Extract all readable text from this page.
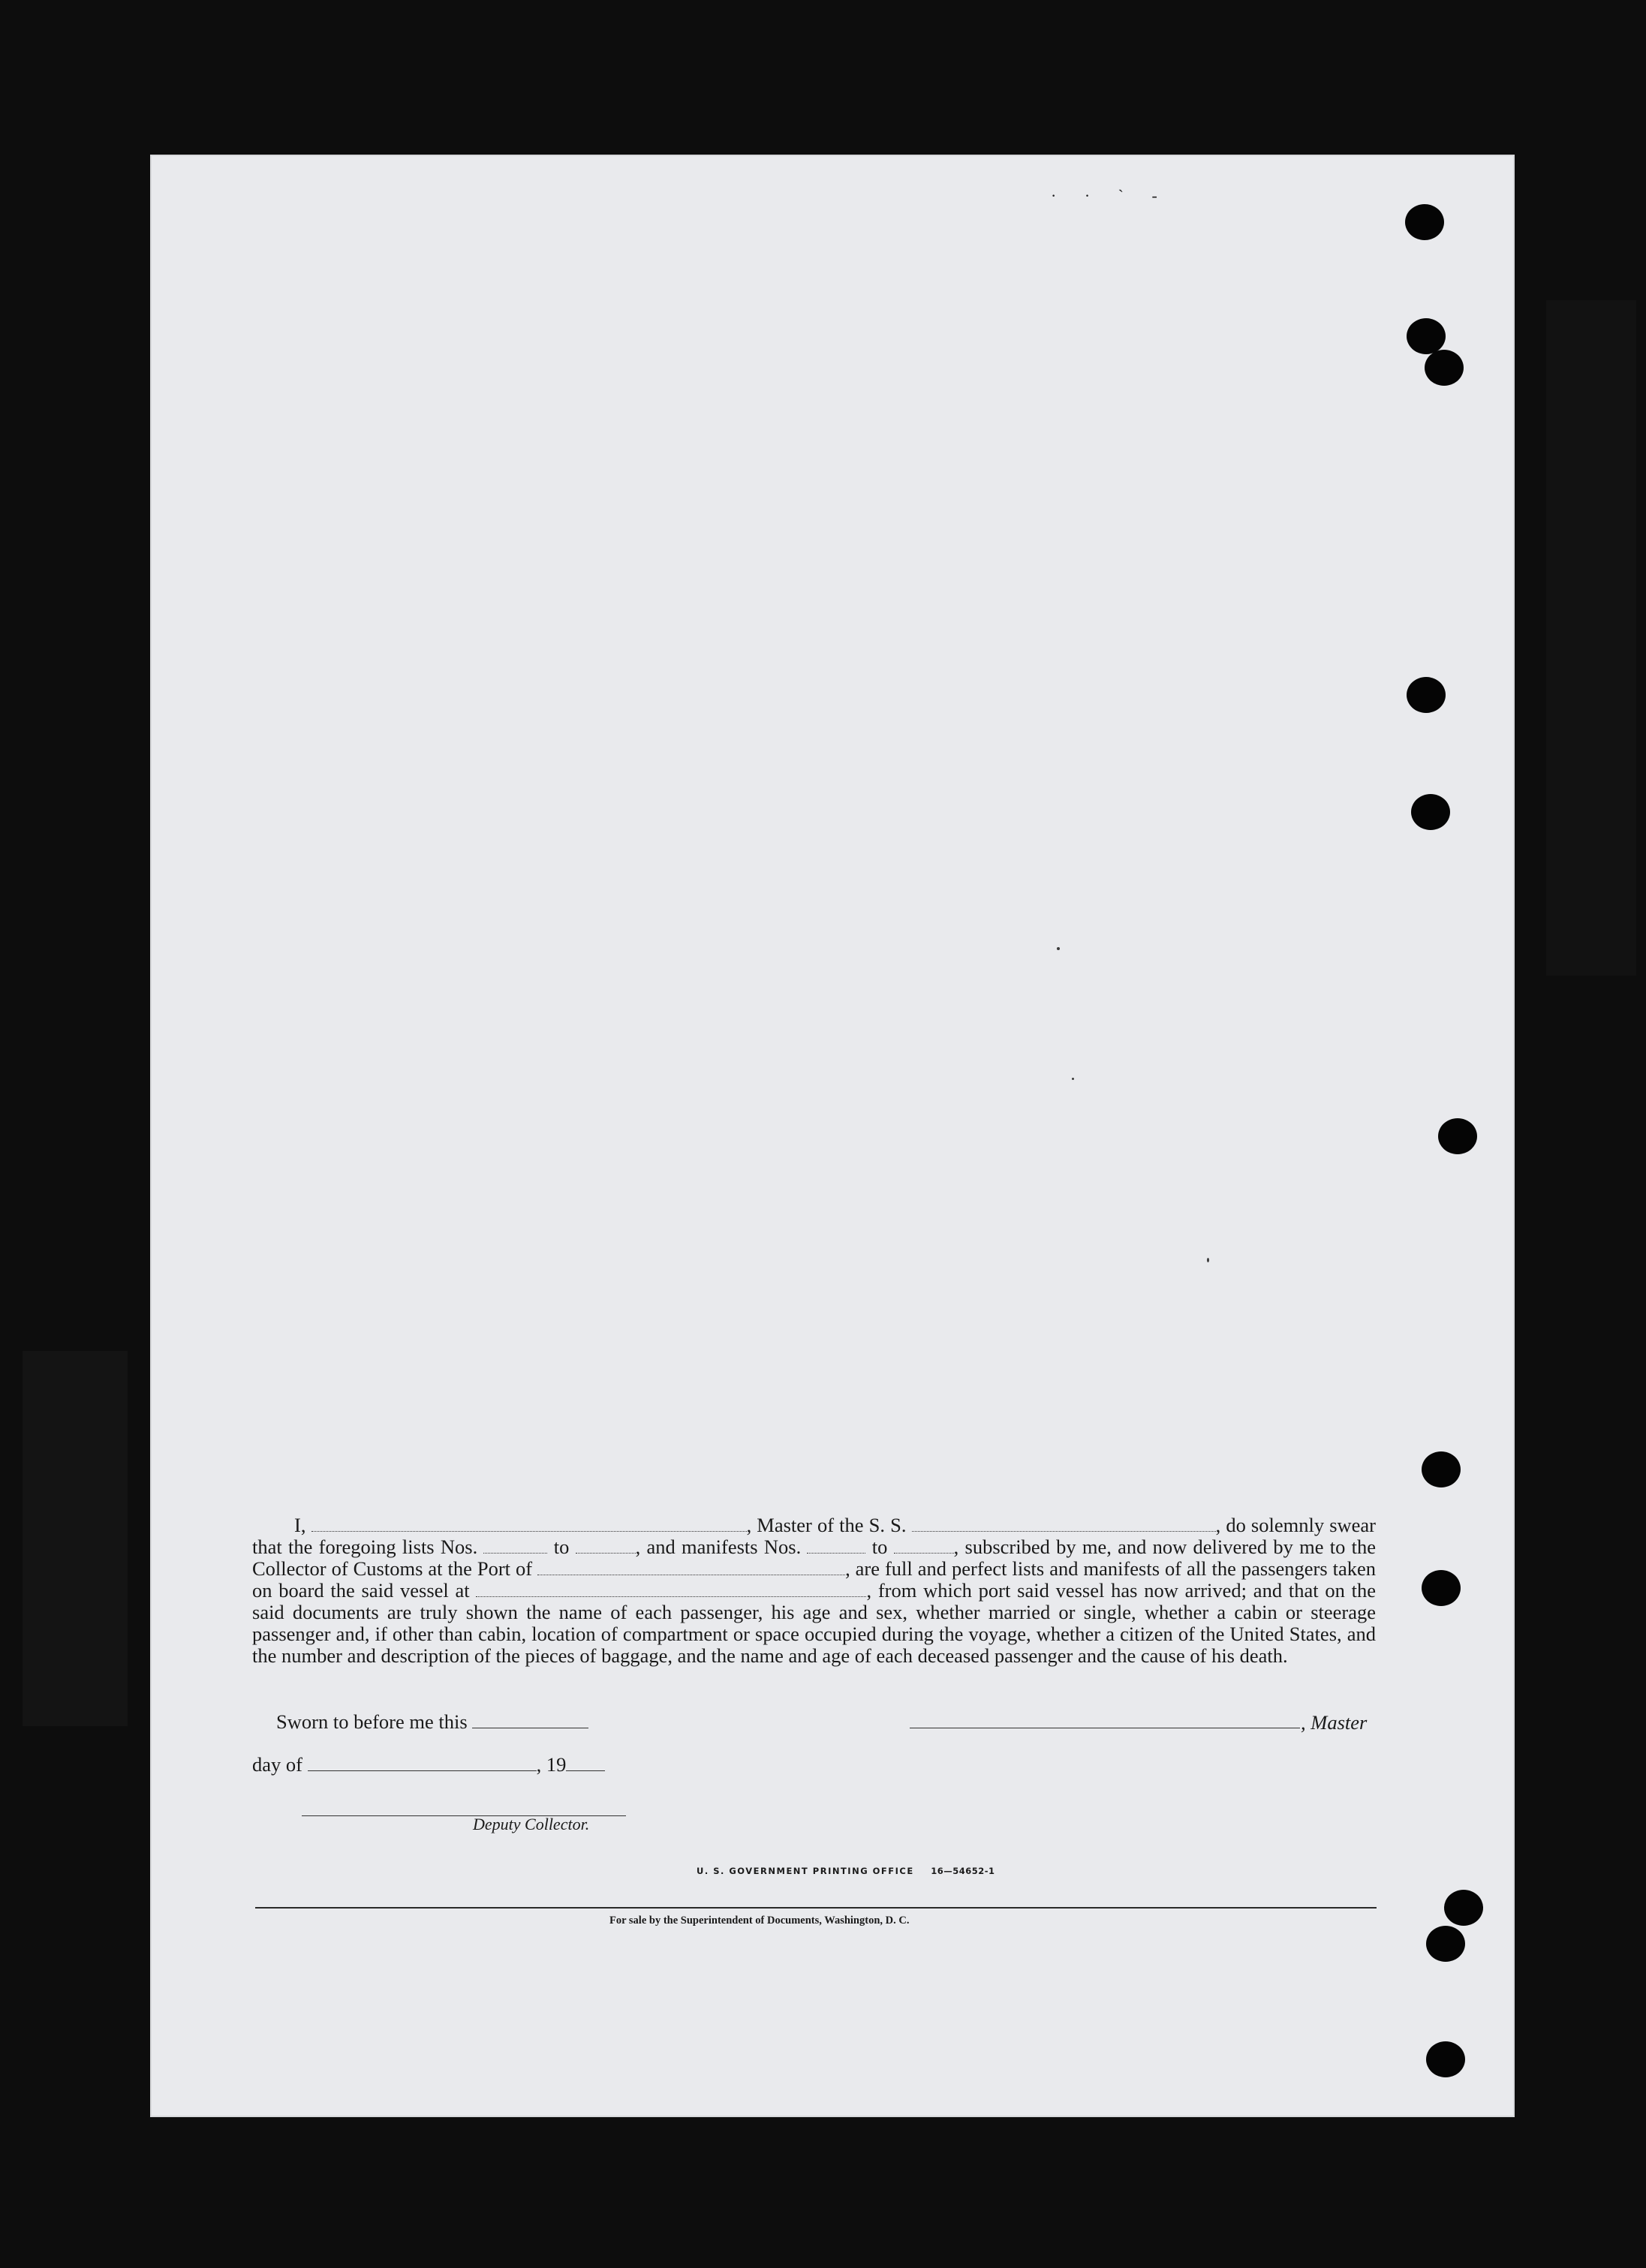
· · ˋ -

I,	, Master of the S. S.	, do solemnly swear that the foregoing lists Nos.	to	, and manifests Nos.	to	, subscribed by me, and now delivered by me to the Collector of Customs at the Port of	, are full and perfect lists and manifests of all the passengers taken on board the said vessel at	, from which port said vessel has now arrived; and that on the said documents are truly shown the name of each passenger, his age and sex, whether married or single, whether a cabin or steerage passenger and, if other than cabin, location of compartment or space occupied during the voyage, whether a citizen of the United States, and the number and description of the pieces of baggage, and the name and age of each deceased passenger and the cause of his death.

Sworn to before me this	, Master
day of	, 19
Deputy Collector.
U. S. GOVERNMENT PRINTING OFFICE 16—54652-1
For sale by the Superintendent of Documents, Washington, D. C.
